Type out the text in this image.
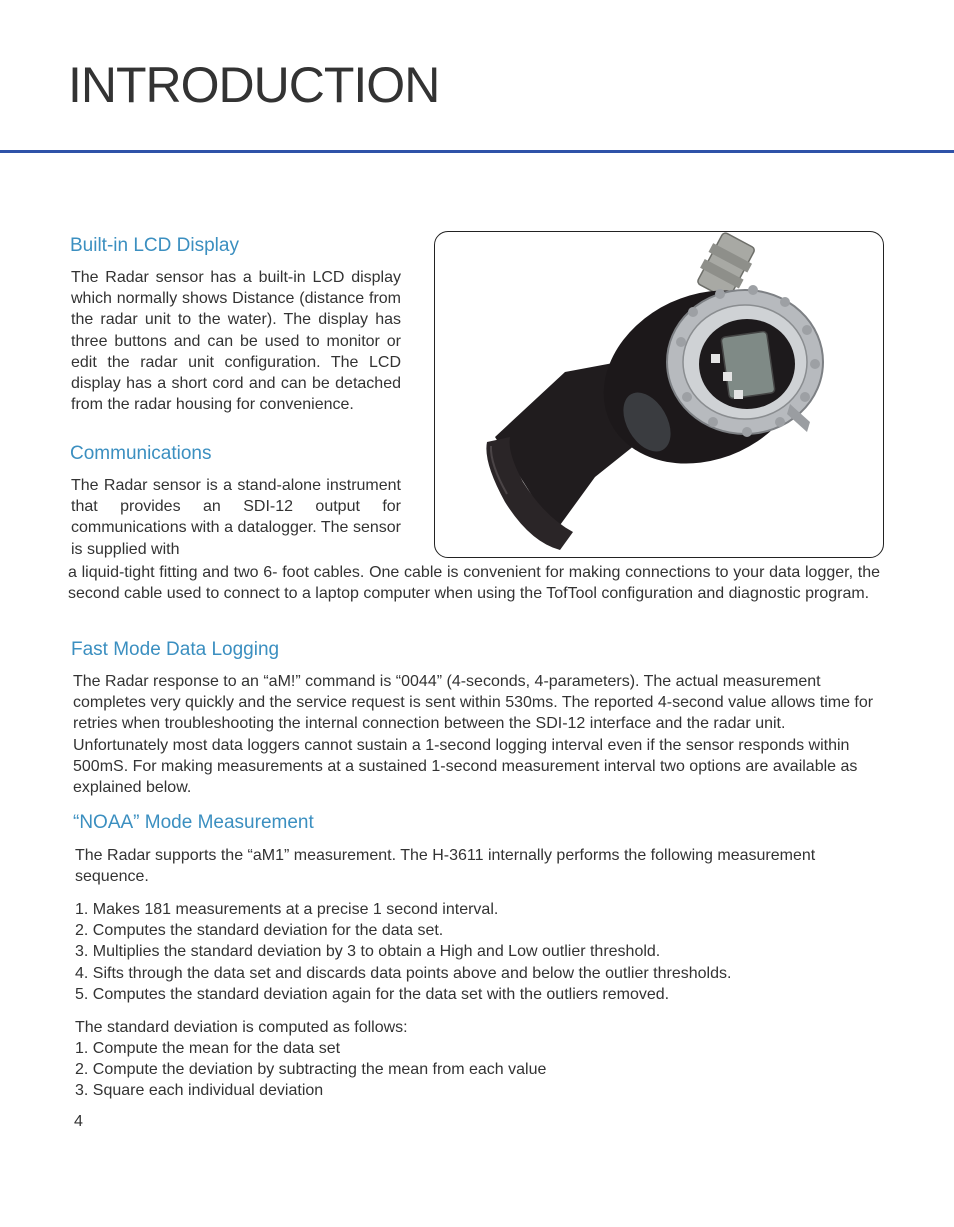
INTRODUCTION
Built-in LCD Display
The Radar sensor has a built-in LCD display which normally shows Distance (distance from the radar unit to the water). The display has three buttons and can be used to monitor or edit the radar unit configuration. The LCD display has a short cord and can be detached from the radar housing for convenience.
Communications
The Radar sensor is a stand-alone instrument that provides an SDI-12 output for communications with a datalogger. The sensor is supplied with
a liquid-tight fitting and two 6- foot cables. One cable is convenient for making connections to your data logger, the second cable used to connect to a laptop computer when using the TofTool configuration and diagnostic program.
Fast Mode Data Logging
The Radar response to an “aM!” command is “0044” (4-seconds, 4-parameters). The actual measurement completes very quickly and the service request is sent within 530ms. The reported 4-second value allows time for retries when troubleshooting the internal connection between the SDI-12 interface and the radar unit. Unfortunately most data loggers cannot sustain a 1-second logging interval even if the sensor responds within 500mS. For making measurements at a sustained 1-second measurement interval two options are available as explained below.
“NOAA” Mode Measurement
The Radar supports the “aM1” measurement. The H-3611 internally performs the following measurement sequence.
1. Makes 181 measurements at a precise 1 second interval.
2. Computes the standard deviation for the data set.
3. Multiplies the standard deviation by 3 to obtain a High and Low outlier threshold.
4. Sifts through the data set and discards data points above and below the outlier thresholds.
5. Computes the standard deviation again for the data set with the outliers removed.
The standard deviation is computed as follows:
1. Compute the mean for the data set
2. Compute the deviation by subtracting the mean from each value
3. Square each individual deviation
4
